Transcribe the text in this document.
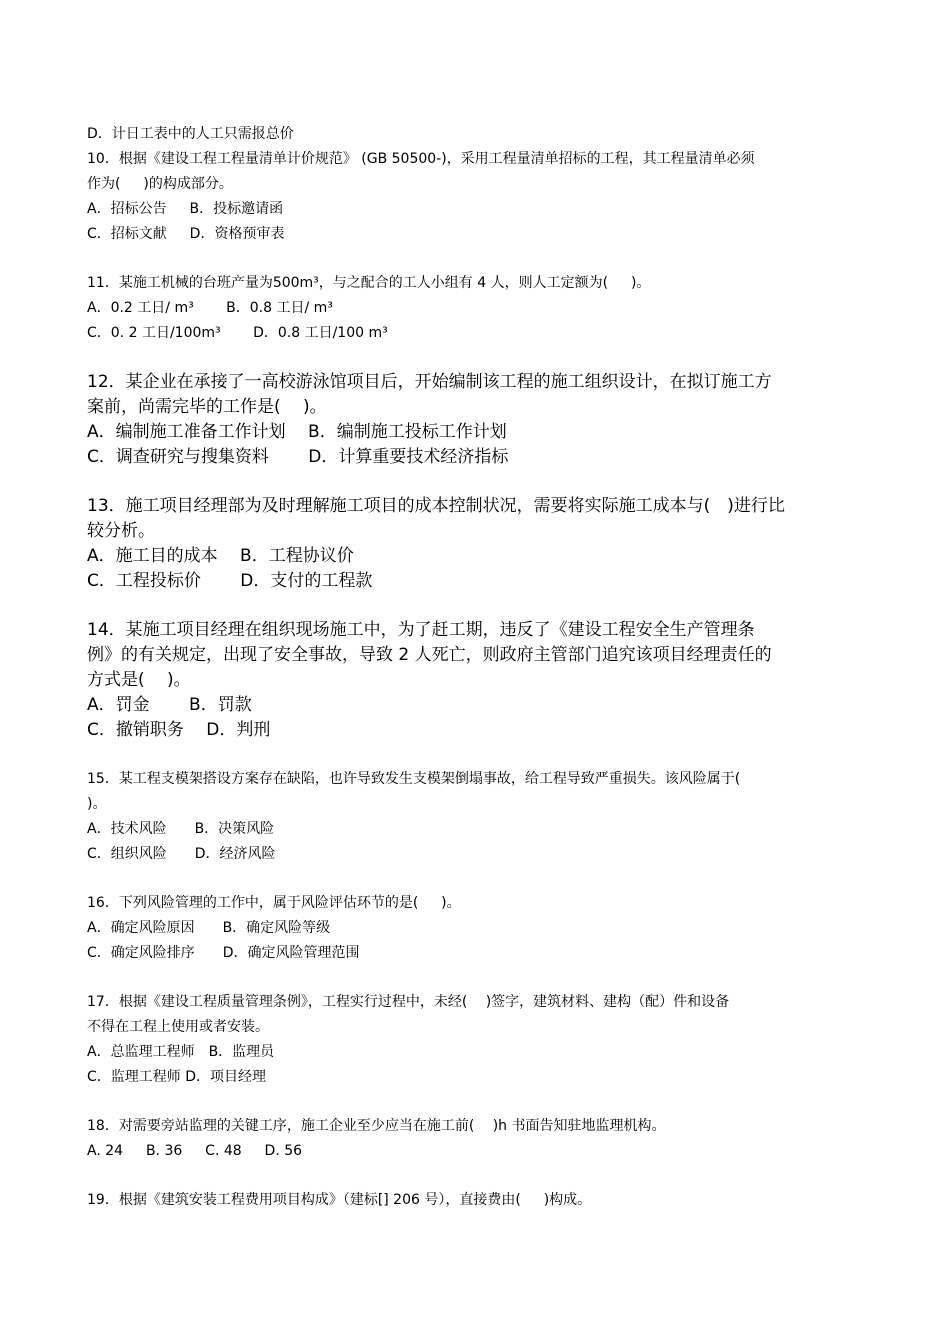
D．计日工表中的人工只需报总价
10．根据《建设工程工程量清单计价规范》 (GB 50500-)，采用工程量清单招标的工程，其工程量清单必须
作为(　  )的构成部分。
A．招标公告　  B．投标邀请函
C．招标文献　  D．资格预审表
11．某施工机械的台班产量为500m³，与之配合的工人小组有 4 人，则人工定额为(　  )。
A．0.2 工日/ m³　　 B．0.8 工日/ m³
C．0. 2 工日/100m³　　 D．0.8 工日/100 m³
12．某企业在承接了一高校游泳馆项目后，开始编制该工程的施工组织设计，在拟订施工方
案前，尚需完毕的工作是(　 )。
A．编制施工准备工作计划　 B．编制施工投标工作计划
C．调查研究与搜集资料　　 D．计算重要技术经济指标
13．施工项目经理部为及时理解施工项目的成本控制状况，需要将实际施工成本与(　)进行比
较分析。
A．施工目的成本　 B．工程协议价
C．工程投标价　　 D．支付的工程款
14．某施工项目经理在组织现场施工中，为了赶工期，违反了《建设工程安全生产管理条
例》的有关规定，出现了安全事故，导致 2 人死亡，则政府主管部门追究该项目经理责任的
方式是(　 )。
A．罚金　　 B．罚款
C．撤销职务　 D．判刑
15．某工程支模架搭设方案存在缺陷，也许导致发生支模架倒塌事故，给工程导致严重损失。该风险属于(
)。
A．技术风险　　B．决策风险
C．组织风险　　D．经济风险
16．下列风险管理的工作中，属于风险评估环节的是(　  )。
A．确定风险原因　　B．确定风险等级
C．确定风险排序　　D．确定风险管理范围
17．根据《建设工程质量管理条例》，工程实行过程中，未经(　 )签字，建筑材料、建构（配）件和设备
不得在工程上使用或者安装。
A．总监理工程师　B．监理员
C．监理工程师 D．项目经理
18．对需要旁站监理的关键工序，施工企业至少应当在施工前(　 )h 书面告知驻地监理机构。
A. 24　  B. 36　  C. 48　  D. 56
19．根据《建筑安装工程费用项目构成》（建标[] 206 号），直接费由(　  )构成。
